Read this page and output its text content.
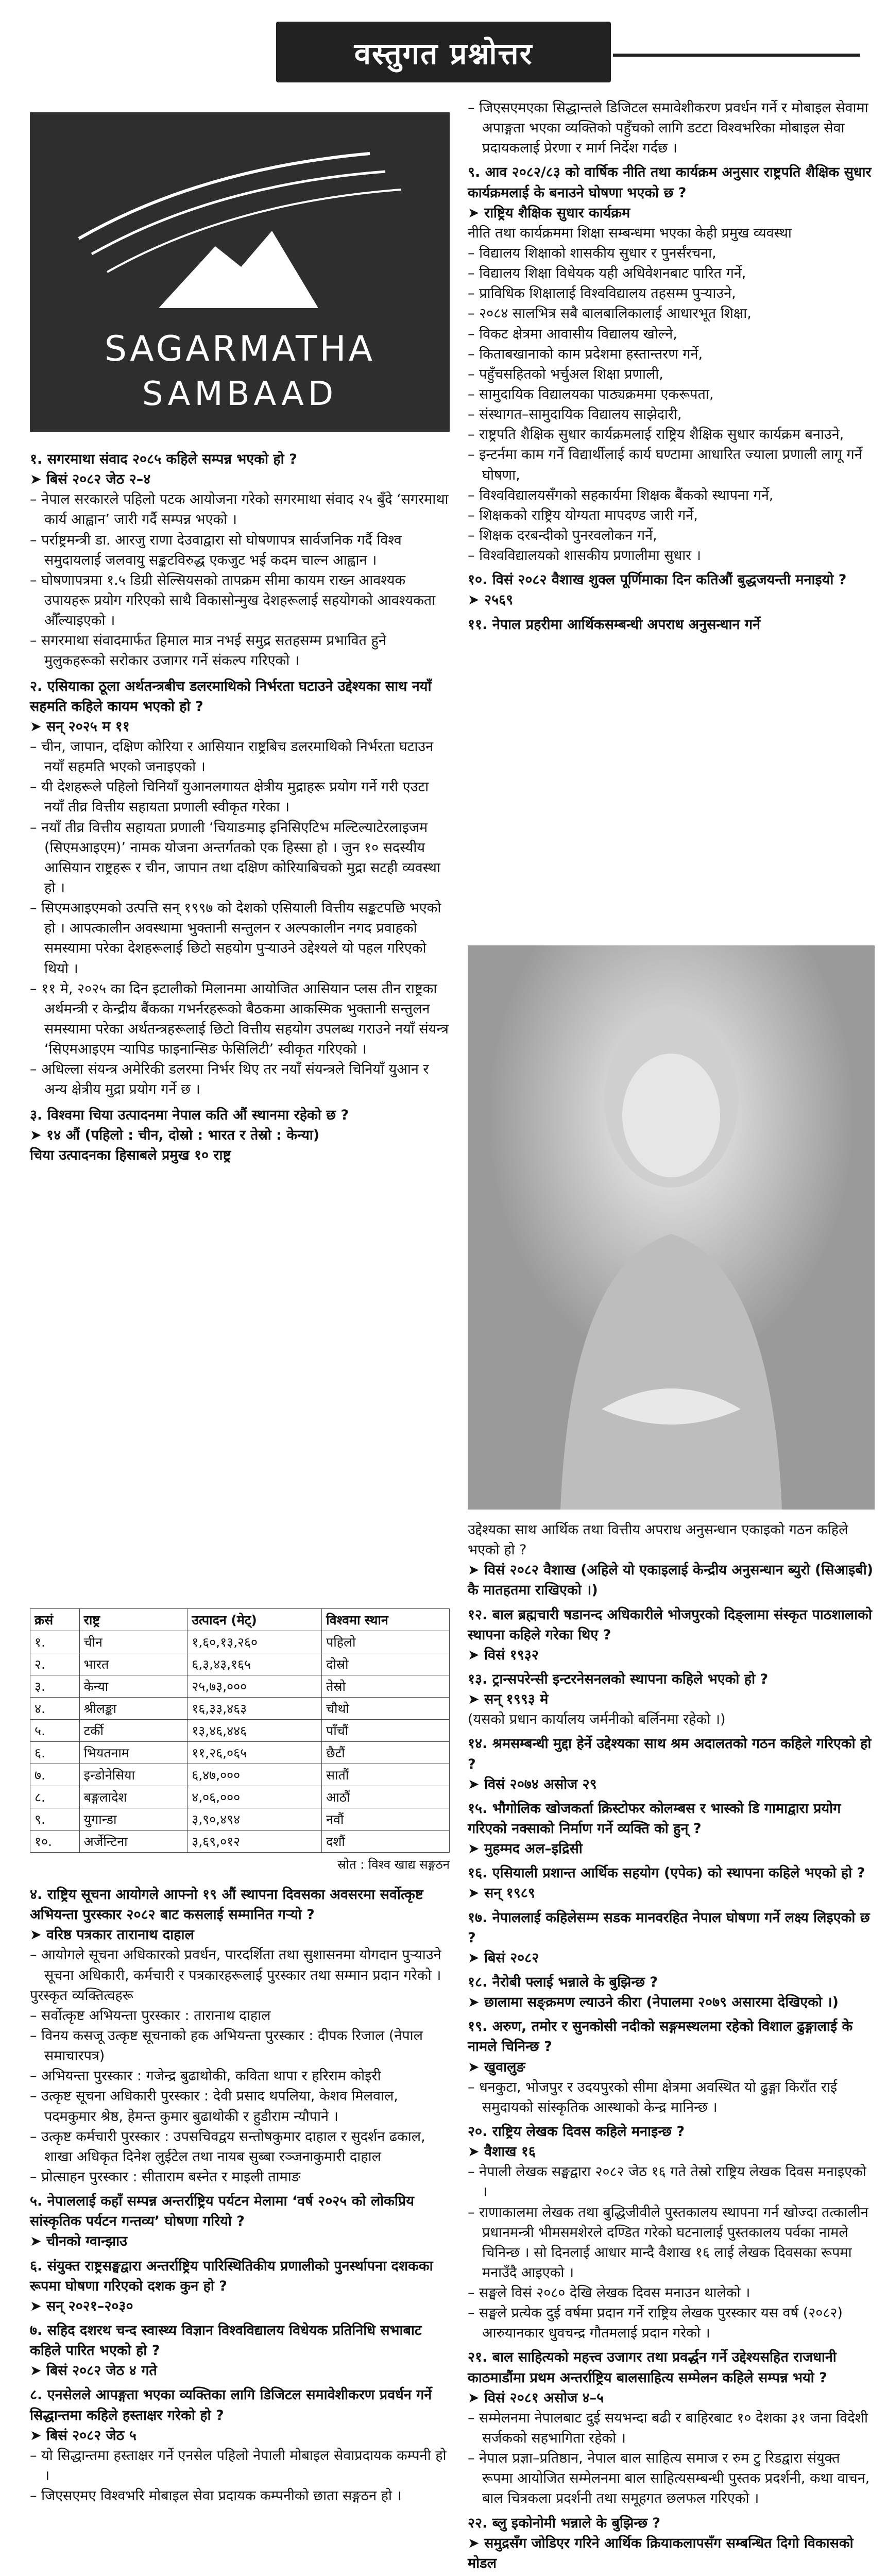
वस्तुगत प्रश्नोत्तर
SAGARMATHA
SAMBAAD

१. सगरमाथा संवाद २०८५ कहिले सम्पन्न भएको हो ?

➤ बिसं २०८२ जेठ २–४

– नेपाल सरकारले पहिलो पटक आयोजना गरेको सगरमाथा संवाद २५ बुँदे ‘सगरमाथा कार्य आह्वान’ जारी गर्दै सम्पन्न भएको ।

– पर्राष्ट्रमन्त्री डा. आरजु राणा देउवाद्वारा सो घोषणापत्र सार्वजनिक गर्दै विश्व समुदायलाई जलवायु सङ्कटविरुद्ध एकजुट भई कदम चाल्न आह्वान ।

– घोषणापत्रमा १.५ डिग्री सेल्सियसको तापक्रम सीमा कायम राख्न आवश्यक उपायहरू प्रयोग गरिएको साथै विकासोन्मुख देशहरूलाई सहयोगको आवश्यकता औँल्याइएको ।

– सगरमाथा संवादमार्फत हिमाल मात्र नभई समुद्र सतहसम्म प्रभावित हुने मुलुकहरूको सरोकार उजागर गर्ने संकल्प गरिएको ।

२. एसियाका ठूला अर्थतन्त्रबीच डलरमाथिको निर्भरता घटाउने उद्देश्यका साथ नयाँ सहमति कहिले कायम भएको हो ?

➤ सन् २०२५ म ११

– चीन, जापान, दक्षिण कोरिया र आसियान राष्ट्रबिच डलरमाथिको निर्भरता घटाउन नयाँ सहमति भएको जनाइएको ।

– यी देशहरूले पहिलो चिनियाँ युआनलगायत क्षेत्रीय मुद्राहरू प्रयोग गर्ने गरी एउटा नयाँ तीव्र वित्तीय सहायता प्रणाली स्वीकृत गरेका ।

– नयाँ तीव्र वित्तीय सहायता प्रणाली ‘चियाङमाइ इनिसिएटिभ मल्टिल्याटेरलाइजम (सिएमआइएम)’ नामक योजना अन्तर्गतको एक हिस्सा हो । जुन १० सदस्यीय आसियान राष्ट्रहरू र चीन, जापान तथा दक्षिण कोरियाबिचको मुद्रा सटही व्यवस्था हो ।

– सिएमआइएमको उत्पत्ति सन् १९९७ को देशको एसियाली वित्तीय सङ्कटपछि भएको हो । आपत्कालीन अवस्थामा भुक्तानी सन्तुलन र अल्पकालीन नगद प्रवाहको समस्यामा परेका देशहरूलाई छिटो सहयोग पुऱ्याउने उद्देश्यले यो पहल गरिएको थियो ।

– ११ मे, २०२५ का दिन इटालीको मिलानमा आयोजित आसियान प्लस तीन राष्ट्रका अर्थमन्त्री र केन्द्रीय बैंकका गभर्नरहरूको बैठकमा आकस्मिक भुक्तानी सन्तुलन समस्यामा परेका अर्थतन्त्रहरूलाई छिटो वित्तीय सहयोग उपलब्ध गराउने नयाँ संयन्त्र ‘सिएमआइएम र्‍यापिड फाइनान्सिङ फेसिलिटी’ स्वीकृत गरिएको ।

– अधिल्ला संयन्त्र अमेरिकी डलरमा निर्भर थिए तर नयाँ संयन्त्रले चिनियाँ युआन र अन्य क्षेत्रीय मुद्रा प्रयोग गर्ने छ ।

३. विश्वमा चिया उत्पादनमा नेपाल कति औं स्थानमा रहेको छ ?

➤ १४ औं (पहिलो : चीन, दोस्रो : भारत र तेस्रो : केन्या)

चिया उत्पादनका हिसाबले प्रमुख १० राष्ट्र

क्रसं	राष्ट्र	उत्पादन (मेट्)	विश्वमा स्थान
१.	चीन	१,६०,१३,२६०	पहिलो
२.	भारत	६,३,४३,१६५	दोस्रो
३.	केन्या	२५,७३,०००	तेस्रो
४.	श्रीलङ्का	१६,३३,४६३	चौथो
५.	टर्की	१३,४६,४४६	पाँचौं
६.	भियतनाम	११,२६,०६५	छैटौं
७.	इन्डोनेसिया	६,४७,०००	सातौं
८.	बङ्गलादेश	४,०६,०००	आठौं
९.	युगान्डा	३,९०,४९४	नवौं
१०.	अर्जेन्टिना	३,६९,०१२	दशौं
स्रोत : विश्व खाद्य सङ्गठन

४. राष्ट्रिय सूचना आयोगले आफ्नो १९ औं स्थापना दिवसका अवसरमा सर्वोत्कृष्ट अभियन्ता पुरस्कार २०८२ बाट कसलाई सम्मानित गऱ्यो ?

➤ वरिष्ठ पत्रकार तारानाथ दाहाल

– आयोगले सूचना अधिकारको प्रवर्धन, पारदर्शिता तथा सुशासनमा योगदान पुऱ्याउने सूचना अधिकारी, कर्मचारी र पत्रकारहरूलाई पुरस्कार तथा सम्मान प्रदान गरेको ।

पुरस्कृत व्यक्तित्वहरू

– सर्वोत्कृष्ट अभियन्ता पुरस्कार : तारानाथ दाहाल

– विनय कसजू उत्कृष्ट सूचनाको हक अभियन्ता पुरस्कार : दीपक रिजाल (नेपाल समाचारपत्र)

– अभियन्ता पुरस्कार : गजेन्द्र बुढाथोकी, कविता थापा र हरिराम कोइरी

– उत्कृष्ट सूचना अधिकारी पुरस्कार : देवी प्रसाद थपलिया, केशव मिलवाल, पदमकुमार श्रेष्ठ, हेमन्त कुमार बुढाथोकी र हुडीराम न्यौपाने ।

– उत्कृष्ट कर्मचारी पुरस्कार : उपसचिवद्वय सन्तोषकुमार दाहाल र सुदर्शन ढकाल, शाखा अधिकृत दिनेश लुईटेल तथा नायब सुब्बा रञ्जनाकुमारी दाहाल

– प्रोत्साहन पुरस्कार : सीताराम बस्नेत र माइली तामाङ

५. नेपाललाई कहाँ सम्पन्न अन्तर्राष्ट्रिय पर्यटन मेलामा ‘वर्ष २०२५ को लोकप्रिय सांस्कृतिक पर्यटन गन्तव्य’ घोषणा गरियो ?

➤ चीनको ग्वान्झाउ

६. संयुक्त राष्ट्रसङ्घद्वारा अन्तर्राष्ट्रिय पारिस्थितिकीय प्रणालीको पुनर्स्थापना दशकका रूपमा घोषणा गरिएको दशक कुन हो ?

➤ सन् २०२१–२०३०

७. सहिद दशरथ चन्द स्वास्थ्य विज्ञान विश्वविद्यालय विधेयक प्रतिनिधि सभाबाट कहिले पारित भएको हो ?

➤ बिसं २०८२ जेठ ४ गते

८. एनसेलले आपङ्गता भएका व्यक्तिका लागि डिजिटल समावेशीकरण प्रवर्धन गर्ने सिद्धान्तमा कहिले हस्ताक्षर गरेको हो ?

➤ बिसं २०८२ जेठ ५

– यो सिद्धान्तमा हस्ताक्षर गर्ने एनसेल पहिलो नेपाली मोबाइल सेवाप्रदायक कम्पनी हो ।

– जिएसएमए विश्वभरि मोबाइल सेवा प्रदायक कम्पनीको छाता सङ्गठन हो ।

– जिएसएमएका सिद्धान्तले डिजिटल समावेशीकरण प्रवर्धन गर्ने र मोबाइल सेवामा अपाङ्गता भएका व्यक्तिको पहुँचको लागि डटटा विश्वभरिका मोबाइल सेवा प्रदायकलाई प्रेरणा र मार्ग निर्देश गर्दछ ।

९. आव २०८२/८३ को वार्षिक नीति तथा कार्यक्रम अनुसार राष्ट्रपति शैक्षिक सुधार कार्यक्रमलाई के बनाउने घोषणा भएको छ ?

➤ राष्ट्रिय शैक्षिक सुधार कार्यक्रम

नीति तथा कार्यक्रममा शिक्षा सम्बन्धमा भएका केही प्रमुख व्यवस्था

– विद्यालय शिक्षाको शासकीय सुधार र पुनर्संरचना,

– विद्यालय शिक्षा विधेयक यही अधिवेशनबाट पारित गर्ने,

– प्राविधिक शिक्षालाई विश्वविद्यालय तहसम्म पुऱ्याउने,

– २०८४ सालभित्र सबै बालबालिकालाई आधारभूत शिक्षा,

– विकट क्षेत्रमा आवासीय विद्यालय खोल्ने,

– किताबखानाको काम प्रदेशमा हस्तान्तरण गर्ने,

– पहुँचसहितको भर्चुअल शिक्षा प्रणाली,

– सामुदायिक विद्यालयका पाठ्यक्रममा एकरूपता,

– संस्थागत–सामुदायिक विद्यालय साझेदारी,

– राष्ट्रपति शैक्षिक सुधार कार्यक्रमलाई राष्ट्रिय शैक्षिक सुधार कार्यक्रम बनाउने,

– इन्टर्नमा काम गर्ने विद्यार्थीलाई कार्य घण्टामा आधारित ज्याला प्रणाली लागू गर्ने घोषणा,

– विश्वविद्यालयसँगको सहकार्यमा शिक्षक बैंकको स्थापना गर्ने,

– शिक्षकको राष्ट्रिय योग्यता मापदण्ड जारी गर्ने,

– शिक्षक दरबन्दीको पुनरवलोकन गर्ने,

– विश्वविद्यालयको शासकीय प्रणालीमा सुधार ।

१०. विसं २०८२ वैशाख शुक्ल पूर्णिमाका दिन कतिऔं बुद्धजयन्ती मनाइयो ?

➤ २५६९

११. नेपाल प्रहरीमा आर्थिकसम्बन्धी अपराध अनुसन्धान गर्ने

उद्देश्यका साथ आर्थिक तथा वित्तीय अपराध अनुसन्धान एकाइको गठन कहिले भएको हो ?

➤ विसं २०८२ वैशाख (अहिले यो एकाइलाई केन्द्रीय अनुसन्धान ब्युरो (सिआइबी) कै मातहतमा राखिएको ।)

१२. बाल ब्रह्मचारी षडानन्द अधिकारीले भोजपुरको दिङ्लामा संस्कृत पाठशालाको स्थापना कहिले गरेका थिए ?

➤ विसं १९३२

१३. ट्रान्सपरेन्सी इन्टरनेसनलको स्थापना कहिले भएको हो ?

➤ सन् १९९३ मे

(यसको प्रधान कार्यालय जर्मनीको बर्लिनमा रहेको ।)

१४. श्रमसम्बन्धी मुद्दा हेर्ने उद्देश्यका साथ श्रम अदालतको गठन कहिले गरिएको हो ?

➤ विसं २०७४ असोज २९

१५. भौगोलिक खोजकर्ता क्रिस्टोफर कोलम्बस र भास्को डि गामाद्वारा प्रयोग गरिएको नक्साको निर्माण गर्ने व्यक्ति को हुन् ?

➤ मुहम्मद अल–इद्रिसी

१६. एसियाली प्रशान्त आर्थिक सहयोग (एपेक) को स्थापना कहिले भएको हो ?

➤ सन् १९८९

१७. नेपाललाई कहिलेसम्म सडक मानवरहित नेपाल घोषणा गर्ने लक्ष्य लिइएको छ ?

➤ बिसं २०८२

१८. नैरोबी फ्लाई भन्नाले के बुझिन्छ ?

➤ छालामा सङ्क्रमण ल्याउने कीरा (नेपालमा २०७९ असारमा देखिएको ।)

१९. अरुण, तमोर र सुनकोसी नदीको सङ्गमस्थलमा रहेको विशाल ढुङ्गालाई के नामले चिनिन्छ ?

➤ खुवालुङ

– धनकुटा, भोजपुर र उदयपुरको सीमा क्षेत्रमा अवस्थित यो ढुङ्गा किराँत राई समुदायको सांस्कृतिक आस्थाको केन्द्र मानिन्छ ।

२०. राष्ट्रिय लेखक दिवस कहिले मनाइन्छ ?

➤ वैशाख १६

– नेपाली लेखक सङ्घद्वारा २०८२ जेठ १६ गते तेस्रो राष्ट्रिय लेखक दिवस मनाइएको ।

– राणाकालमा लेखक तथा बुद्धिजीवीले पुस्तकालय स्थापना गर्न खोज्दा तत्कालीन प्रधानमन्त्री भीमसमशेरले दण्डित गरेको घटनालाई पुस्तकालय पर्वका नामले चिनिन्छ । सो दिनलाई आधार मान्दै वैशाख १६ लाई लेखक दिवसका रूपमा मनाउँदै आइएको ।

– सङ्घले विसं २०८० देखि लेखक दिवस मनाउन थालेको ।

– सङ्घले प्रत्येक दुई वर्षमा प्रदान गर्ने राष्ट्रिय लेखक पुरस्कार यस वर्ष (२०८२) आरुयानकार धुवचन्द्र गौतमलाई प्रदान गरेको ।

२१. बाल साहित्यको महत्त्व उजागर तथा प्रवर्द्धन गर्ने उद्देश्यसहित राजधानी काठमाडौंमा प्रथम अन्तर्राष्ट्रिय बालसाहित्य सम्मेलन कहिले सम्पन्न भयो ?

➤ विसं २०८१ असोज ४–५

– सम्मेलनमा नेपालबाट दुई सयभन्दा बढी र बाहिरबाट १० देशका ३१ जना विदेशी सर्जकको सहभागिता रहेको ।

– नेपाल प्रज्ञा–प्रतिष्ठान, नेपाल बाल साहित्य समाज र रुम टु रिडद्वारा संयुक्त रूपमा आयोजित सम्मेलनमा बाल साहित्यसम्बन्धी पुस्तक प्रदर्शनी, कथा वाचन, बाल चित्रकला प्रदर्शनी तथा समूहगत छलफल गरिएको ।

२२. ब्लु इकोनोमी भन्नाले के बुझिन्छ ?

➤ समुद्रसँग जोडिएर गरिने आर्थिक क्रियाकलापसँग सम्बन्धित दिगो विकासको मोडल
